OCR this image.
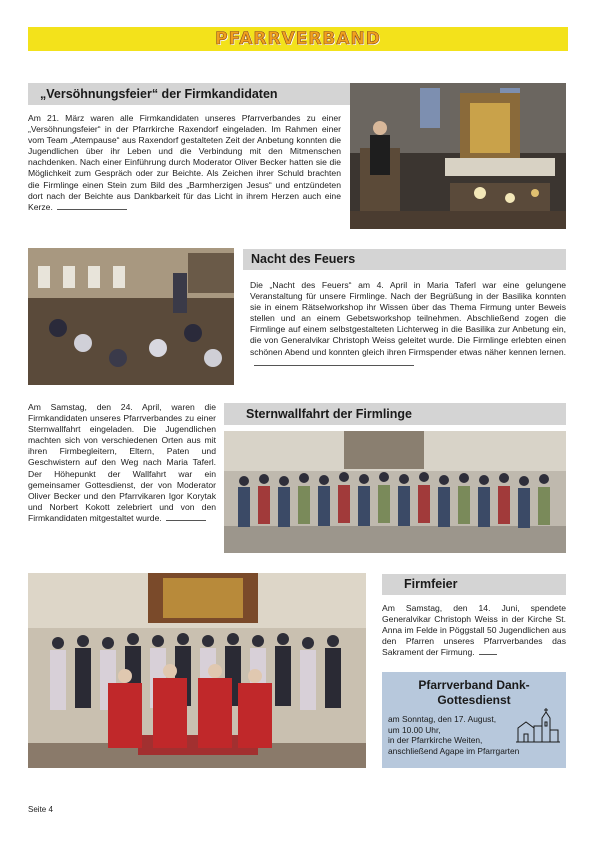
PFARRVERBAND
„Versöhnungsfeier“ der Firmkandidaten
Am 21. März waren alle Firmkandidaten unseres Pfarrverbandes zu einer „Versöhnungsfeier“ in der Pfarrkirche Raxendorf eingeladen. Im Rahmen einer vom Team „Atempause“ aus Raxendorf gestalteten Zeit der Anbetung konnten die Jugendlichen über ihr Leben und die Verbindung mit den Mitmenschen nachdenken. Nach einer Einführung durch Moderator Oliver Becker hatten sie die Möglichkeit zum Gespräch oder zur Beichte. Als Zeichen ihrer Schuld brachten die Firmlinge einen Stein zum Bild des „Barmherzigen Jesus“ und entzündeten dort nach der Beichte aus Dankbarkeit für das Licht in ihrem Herzen auch eine Kerze.
Nacht des Feuers
Die „Nacht des Feuers“ am 4. April in Maria Taferl war eine gelungene Veranstaltung für unsere Firmlinge. Nach der Begrüßung in der Basilika konnten sie in einem Rätselworkshop ihr Wissen über das Thema Firmung unter Beweis stellen und an einem Gebetsworkshop teilnehmen. Abschließend zogen die Firmlinge auf einem selbstgestalteten Lichterweg in die Basilika zur Anbetung ein, die von Generalvikar Christoph Weiss geleitet wurde. Die Firmlinge erlebten einen schönen Abend und konnten gleich ihren Firmspender etwas näher kennen lernen.
Am Samstag, den 24. April, waren die Firmkandidaten unseres Pfarrverbandes zu einer Sternwallfahrt eingeladen. Die Jugendlichen machten sich von verschiedenen Orten aus mit ihren Firmbegleitern, Eltern, Paten und Geschwistern auf den Weg nach Maria Taferl. Der Höhepunkt der Wallfahrt war ein gemeinsamer Gottesdienst, der von Moderator Oliver Becker und den Pfarrvikaren Igor Korytak und Norbert Kokott zelebriert und von den Firmkandidaten mitgestaltet wurde.
Sternwallfahrt der Firmlinge
Firmfeier
Am Samstag, den 14. Juni, spendete Generalvikar Christoph Weiss in der Kirche St. Anna im Felde in Pöggstall 50 Jugendlichen aus den Pfarren unseres Pfarrverbandes das Sakrament der Firmung.
Pfarrverband Dank-
Gottesdienst
am Sonntag, den 17. August,
um 10.00 Uhr,
in der Pfarrkirche Weiten,
anschließend Agape im Pfarrgarten
Seite 4
